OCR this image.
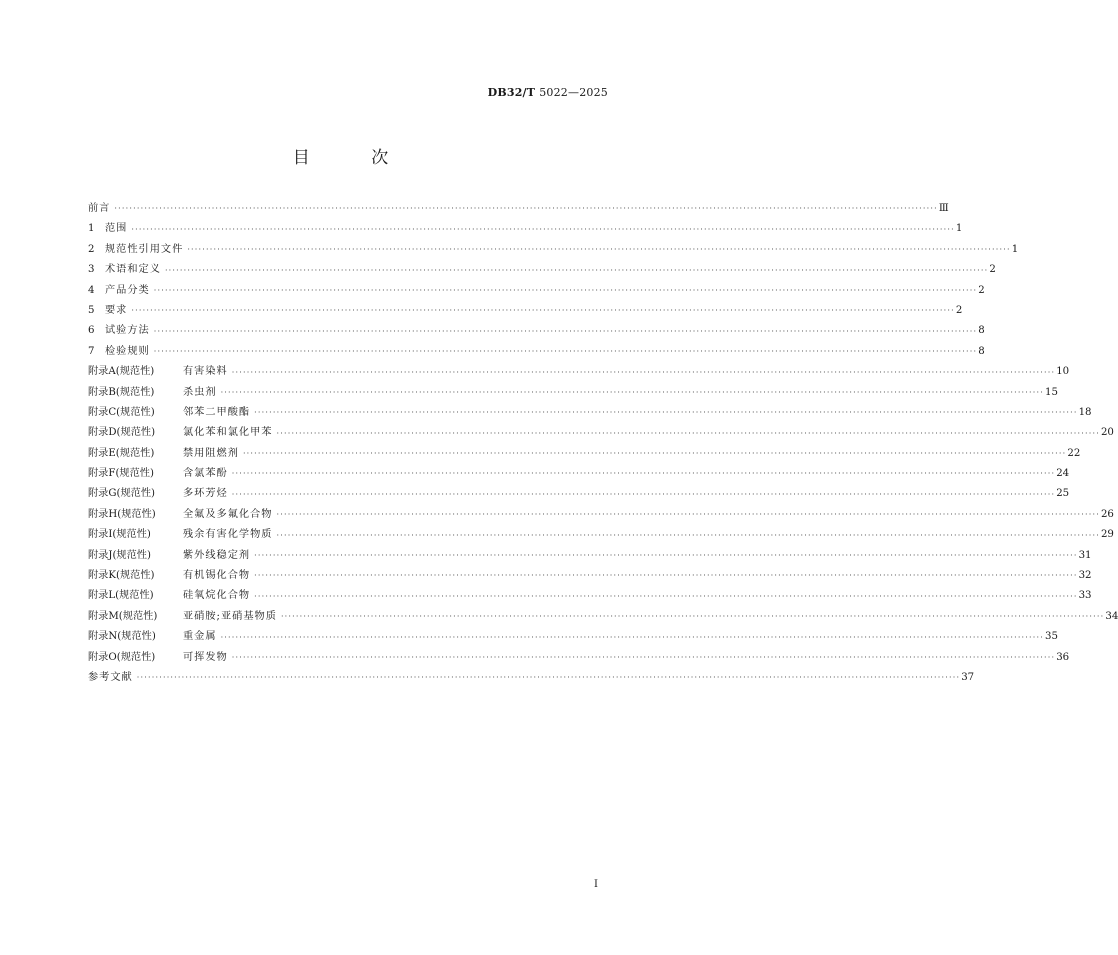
DB32/T 5022—2025
目 次
前言 ···························································································································································································································· Ⅲ
1	范围 ···························································································································································································································· 1
2	规范性引用文件 ···························································································································································································································· 1
3	术语和定义 ···························································································································································································································· 2
4	产品分类 ···························································································································································································································· 2
5	要求 ···························································································································································································································· 2
6	试验方法 ···························································································································································································································· 8
7	检验规则 ···························································································································································································································· 8
附录A(规范性)	有害染料 ···························································································································································································································· 10
附录B(规范性)	杀虫剂 ···························································································································································································································· 15
附录C(规范性)	邻苯二甲酸酯 ···························································································································································································································· 18
附录D(规范性)	氯化苯和氯化甲苯 ···························································································································································································································· 20
附录E(规范性)	禁用阻燃剂 ···························································································································································································································· 22
附录F(规范性)	含氯苯酚 ···························································································································································································································· 24
附录G(规范性)	多环芳烃 ···························································································································································································································· 25
附录H(规范性)	全氟及多氟化合物 ···························································································································································································································· 26
附录I(规范性)	残余有害化学物质 ···························································································································································································································· 29
附录J(规范性)	紫外线稳定剂 ···························································································································································································································· 31
附录K(规范性)	有机锡化合物 ···························································································································································································································· 32
附录L(规范性)	硅氧烷化合物 ···························································································································································································································· 33
附录M(规范性)	亚硝胺;亚硝基物质 ···························································································································································································································· 34
附录N(规范性)	重金属 ···························································································································································································································· 35
附录O(规范性)	可挥发物 ···························································································································································································································· 36
参考文献 ···························································································································································································································· 37
Ⅰ
